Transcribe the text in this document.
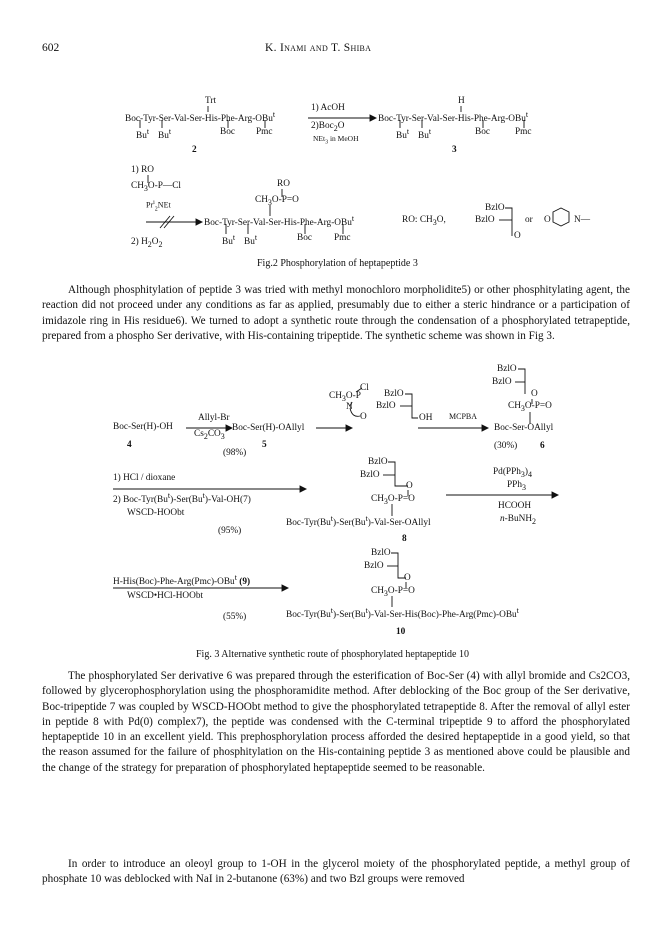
602	K. Inami and T. Shiba
Trt
Boc-Tyr-Ser-Val-Ser-His-Phe-Arg-OBu$^t$
Bu$^t$ Bu$^t$	Boc Pmc
2
1) AcOH
2)Boc$_2$O
NEt$_3$ in MeOH
H
Boc-Tyr-Ser-Val-Ser-His-Phe-Arg-OBu$^t$
Bu$^t$ Bu$^t$	Boc	Pmc
3
1) RO
$CH_3O-P—Cl$
$Pr^i_2NEt$
2) $H_2O_2$
RO
$CH_3O-P=O$
Boc-Tyr-Ser-Val-Ser-His-Phe-Arg-OBu$^t$
Bu$^t$ Bu$^t$	Boc Pmc
RO: $CH_3O$,
BzlO
BzlO
O
or O	N—
Fig.2 Phosphorylation of heptapeptide 3
Although phosphitylation of peptide 3 was tried with methyl monochloro morpholidite5) or other phosphitylating agent, the reaction did not proceed under any conditions as far as applied, presumably due to either a steric hindrance or a participation of imidazole ring in His residue6). We turned to adopt a synthetic route through the condensation of a phosphorylated tetrapeptide, prepared from a phospho Ser derivative, with His-containing tripeptide. The synthetic scheme was shown in Fig 3.
BzlO
BzlO
O
$CH_3O-P=O$
Boc-Ser-OAllyl
(30%) 6
Cl
$CH_3O-P$
N
O
BzlO
BzlO
OH MCPBA
Boc-Ser(H)-OH
4
Allyl-Br
$Cs_2CO_3$
Boc-Ser(H)-OAllyl
5
(98%)
BzlO
BzlO
O
$CH_3O-P=O$
Boc-Tyr(Bu$^t$)-Ser(Bu$^t$)-Val-Ser-OAllyl
8
$Pd(PPh_3)_4$
PPh$_3$
HCOOH
n-BuNH$_2$
1) HCl / dioxane
2) Boc-Tyr(Bu$^t$)-Ser(Bu$^t$)-Val-OH(7)
WSCD-HOObt
(95%)
BzlO
BzlO
O
$CH_3O-P=O$
H-His(Boc)-Phe-Arg(Pmc)-OBu$^t$ (9)
WSCD•HCl-HOObt
(55%)	Boc-Tyr(Bu$^t$)-Ser(Bu$^t$)-Val-Ser-His(Boc)-Phe-Arg(Pmc)-OBu$^t$
10
Fig. 3 Alternative synthetic route of phosphorylated heptapeptide 10
The phosphorylated Ser derivative 6 was prepared through the esterification of Boc-Ser (4) with allyl bromide and Cs2CO3, followed by glycerophosphorylation using the phosphoramidite method. After deblocking of the Boc group of the Ser derivative, Boc-tripeptide 7 was coupled by WSCD-HOObt method to give the phosphorylated tetrapeptide 8. After the removal of allyl ester in peptide 8 with Pd(0) complex7), the peptide was condensed with the C-terminal tripeptide 9 to afford the phosphorylated heptapeptide 10 in an excellent yield. This prephosphorylation process afforded the desired heptapeptide in a good yield, so that the reason assumed for the failure of phosphitylation on the His-containing peptide 3 as mentioned above could be plausible and the change of the strategy for preparation of phosphorylated heptapeptide seemed to be reasonable.
In order to introduce an oleoyl group to 1-OH in the glycerol moiety of the phosphorylated peptide, a methyl group of phosphate 10 was deblocked with NaI in 2-butanone (63%) and two Bzl groups were removed
